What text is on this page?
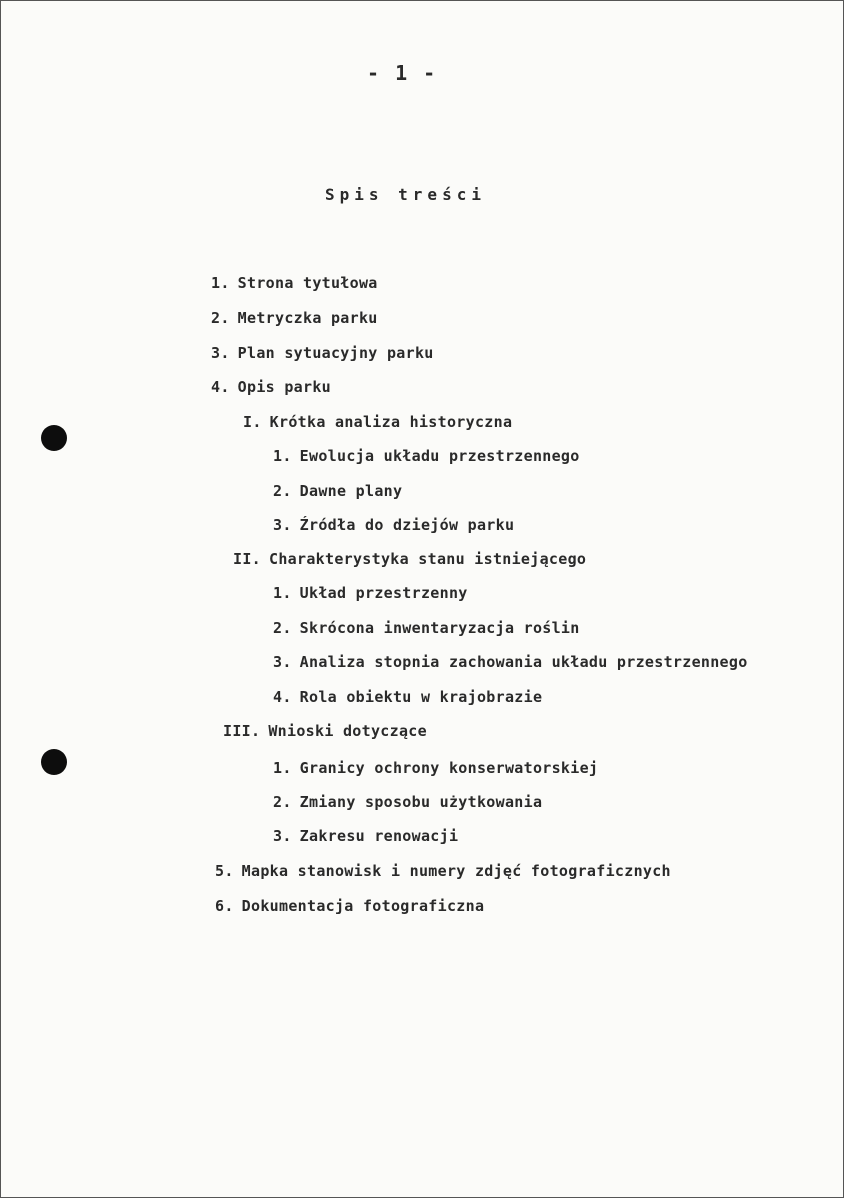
- 1 -
Spis treści
1. Strona tytułowa
2. Metryczka parku
3. Plan sytuacyjny parku
4. Opis parku
I. Krótka analiza historyczna
1. Ewolucja układu przestrzennego
2. Dawne plany
3. Źródła do dziejów parku
II. Charakterystyka stanu istniejącego
1. Układ przestrzenny
2. Skrócona inwentaryzacja roślin
3. Analiza stopnia zachowania układu przestrzennego
4. Rola obiektu w krajobrazie
III. Wnioski dotyczące
1. Granicy ochrony konserwatorskiej
2. Zmiany sposobu użytkowania
3. Zakresu renowacji
5. Mapka stanowisk i numery zdjęć fotograficznych
6. Dokumentacja fotograficzna
